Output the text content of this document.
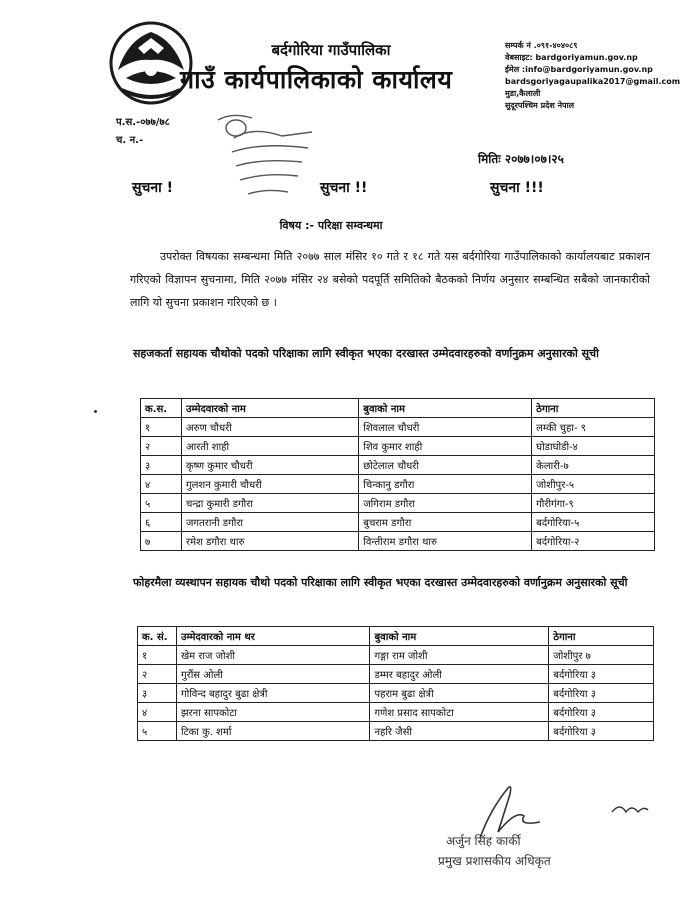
बर्दगोरिया गाउँपालिका
गाउँ कार्यपालिकाको कार्यालय
सम्पर्क नं .०९१-४०४०८९
वेबसाइट: bardgoriyamun.gov.np
ईमेल :info@bardgoriyamun.gov.np
bardsgoriyagaupalika2017@gmail.com
मुडा,कैलाली
सुदूरपश्चिम प्रदेश नेपाल
प.स.-०७७/७८
च. न.-
मितिः २०७७।०७।२५
सुचना !	सुचना !!	सुचना !!!
विषय :- परिक्षा सम्वन्धमा
उपरोक्त विषयका सम्बन्धमा मिति २०७७ साल मंसिर १० गते र १८ गते यस बर्दगोरिया गाउँपालिकाको कार्यालयबाट प्रकाशन गरिएको विज्ञापन सुचनामा, मिति २०७७ मंसिर २४ बसेको पदपूर्ति समितिको बैठकको निर्णय अनुसार सम्बन्धित सबैको जानकारीको लागि यो सुचना प्रकाशन गरिएको छ ।
सहजकर्ता सहायक चौथोको पदको परिक्षाका लागि स्वीकृत भएका दरखास्त उम्मेदवारहरुको वर्णानुक्रम अनुसारको सूची
क.स.	उम्मेदवारको नाम	बुवाको नाम	ठेगाना
१	अरुण चौधरी	शिवलाल चौधरी	लम्की चुहा- ९
२	आरती शाही	शिव कुमार शाही	घोडाघोडी-४
३	कृष्ण कुमार चौधरी	छोटेलाल चौधरी	केलारी-७
४	गुलशन कुमारी चौधरी	चिन्कानु डगौरा	जोशीपुर-५
५	चन्द्रा कुमारी डगौरा	जगिराम डगौरा	गौरीगंगा-९
६	जगतरानी डगौरा	बुचराम डगौरा	बर्दगोरिया-५
७	रमेश डगौरा थारु	विन्तीराम डगौरा थारु	बर्दगोरिया-२
फोहरमैला व्यस्थापन सहायक चौथो पदको परिक्षाका लागि स्वीकृत भएका दरखास्त उम्मेदवारहरुको वर्णानुक्रम अनुसारको सूची
क. सं.	उम्मेदवारको नाम थर	बुवाको नाम	ठेगाना
१	खेम राज जोशी	गङ्गा राम जोशी	जोशीपुर ७
२	गुरौंस ओली	डम्मर बहादुर ओली	बर्दगोरिया ३
३	गोविन्द बहादुर बुढा क्षेत्री	पहराम बुढा क्षेत्री	बर्दगोरिया ३
४	झरना सापकोटा	गणेश प्रसाद सापकोटा	बर्दगोरिया ३
५	टिका कु. शर्मा	नहरि जैसी	बर्दगोरिया ३
अर्जुन सिंह कार्की
प्रमुख प्रशासकीय अधिकृत
